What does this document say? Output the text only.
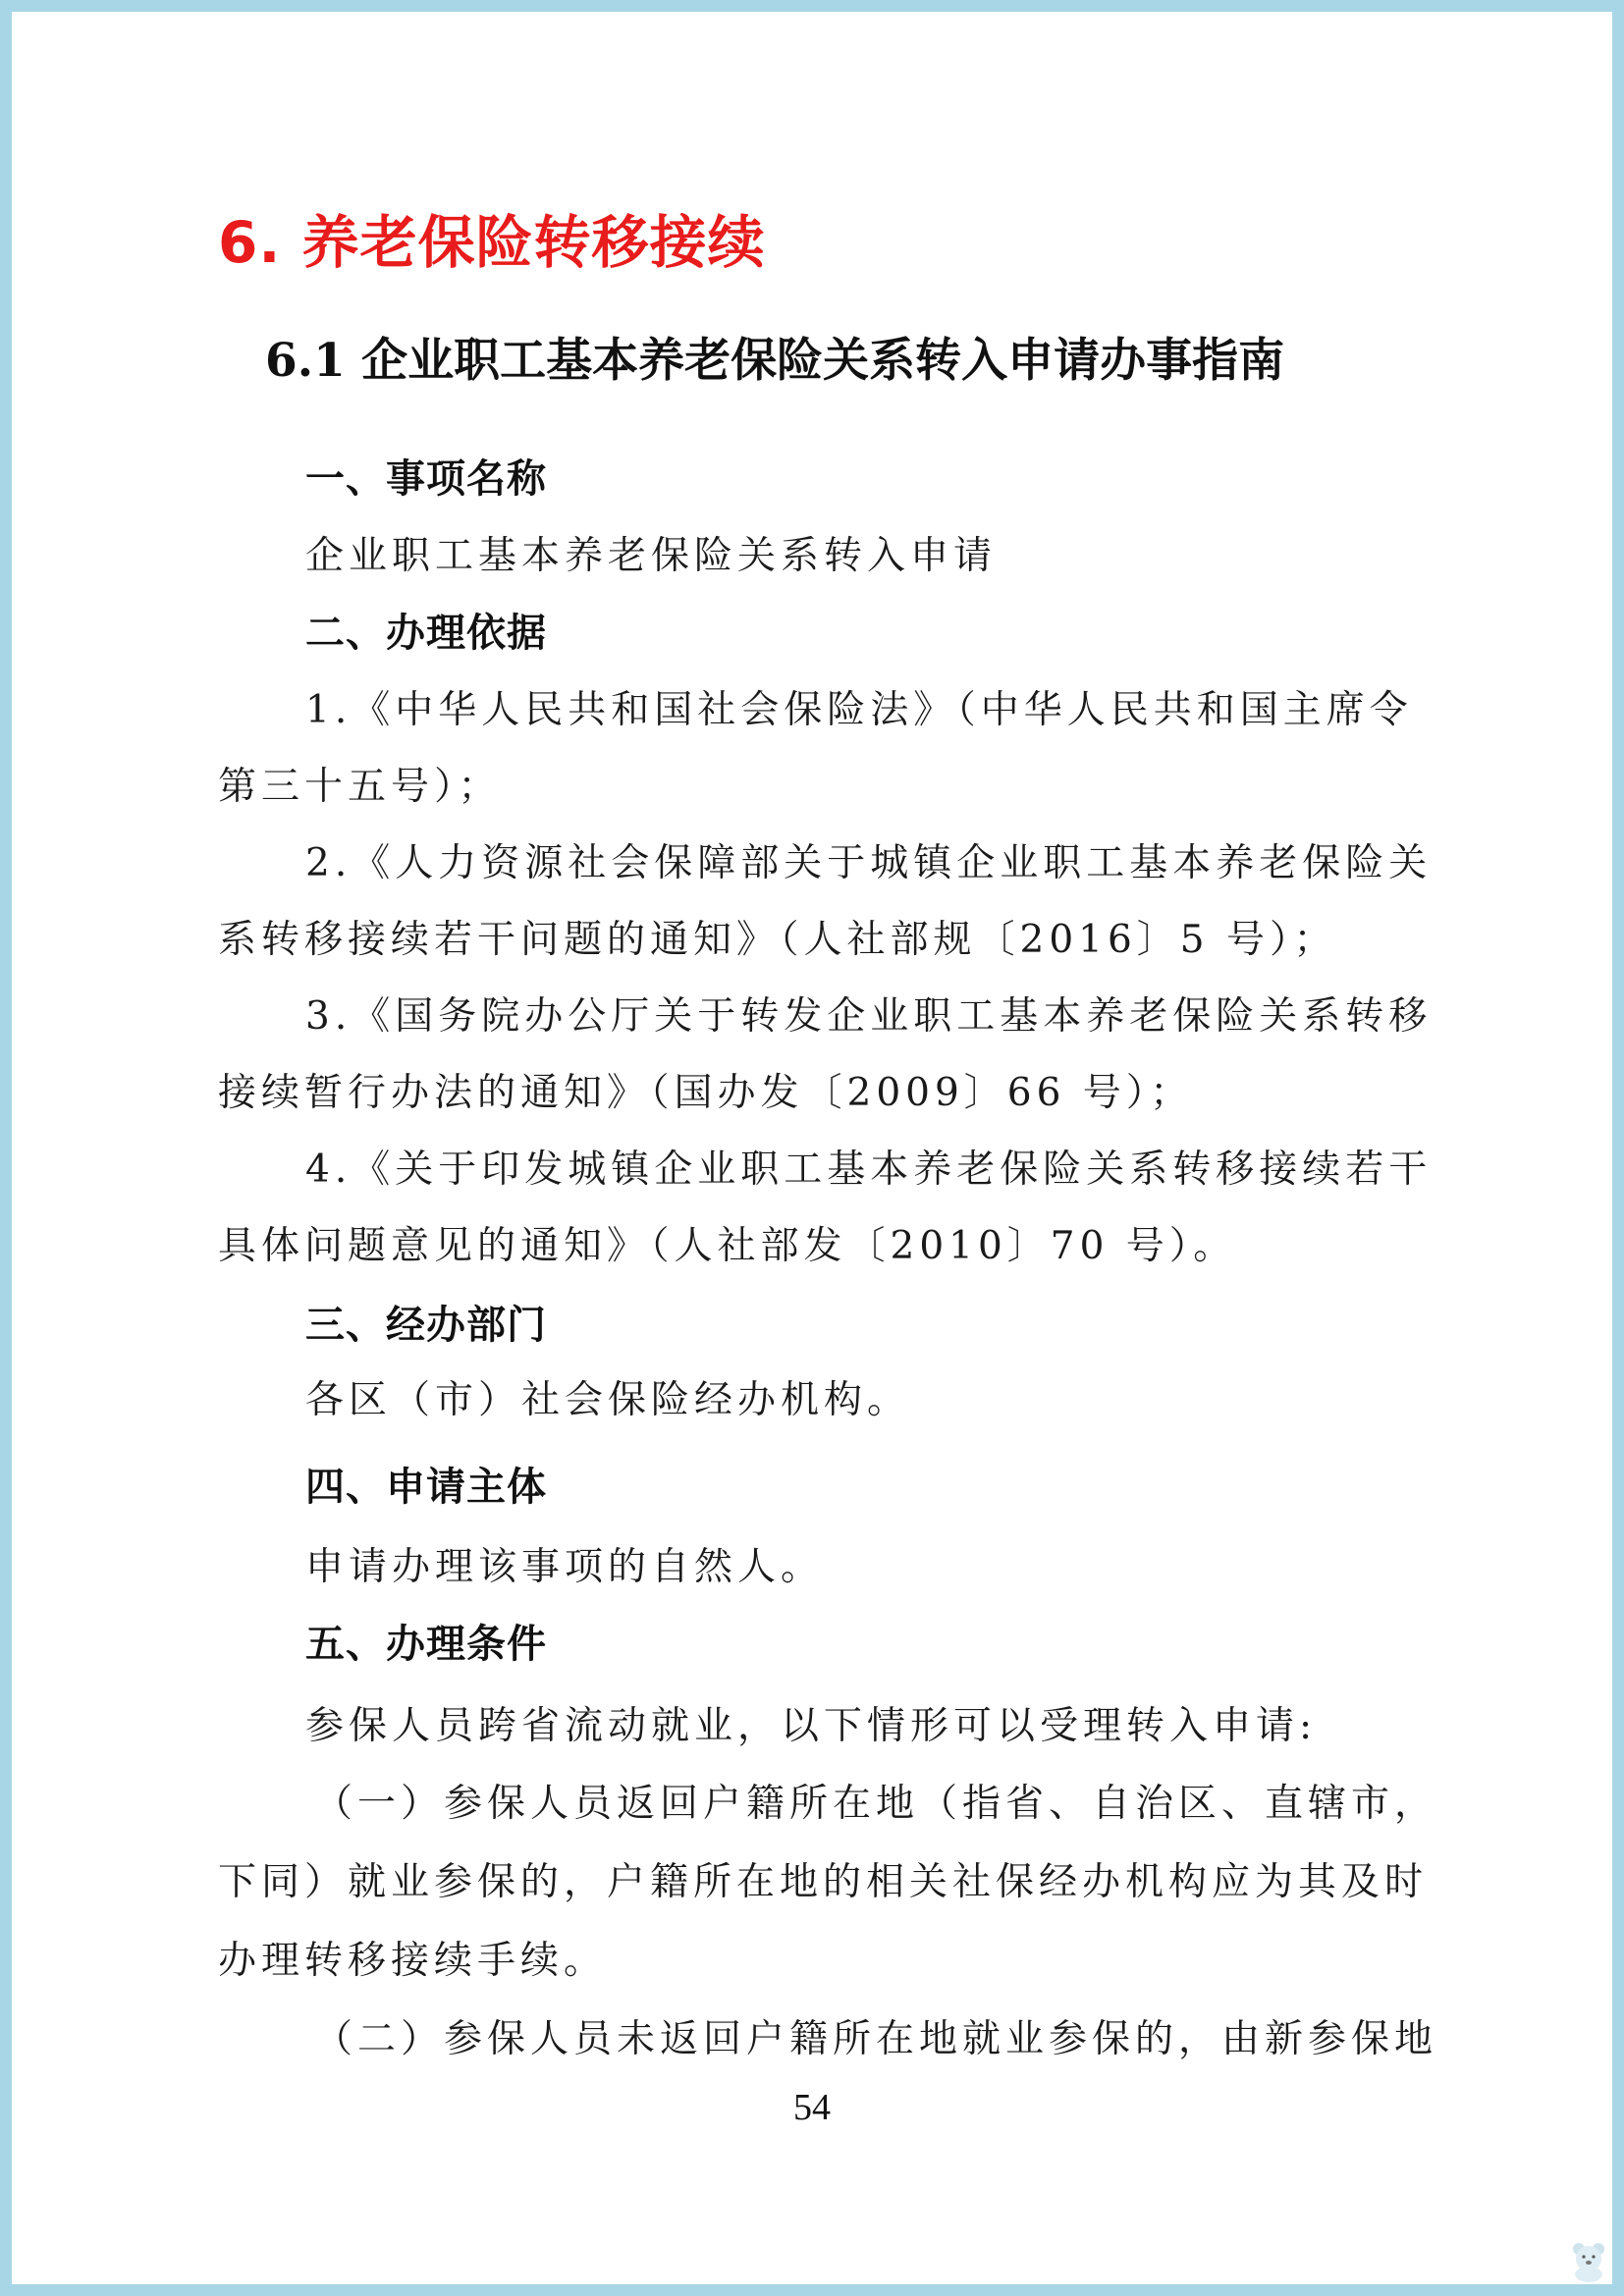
6. 养老保险转移接续
6.1 企业职工基本养老保险关系转入申请办事指南
一、事项名称
企业职工基本养老保险关系转入申请
二、办理依据
1.《中华人民共和国社会保险法》（中华人民共和国主席令
第三十五号）；
2.《人力资源社会保障部关于城镇企业职工基本养老保险关
系转移接续若干问题的通知》（人社部规〔2016〕5 号）；
3.《国务院办公厅关于转发企业职工基本养老保险关系转移
接续暂行办法的通知》（国办发〔2009〕66 号）；
4.《关于印发城镇企业职工基本养老保险关系转移接续若干
具体问题意见的通知》（人社部发〔2010〕70 号）。
三、经办部门
各区（市）社会保险经办机构。
四、申请主体
申请办理该事项的自然人。
五、办理条件
参保人员跨省流动就业，以下情形可以受理转入申请:
（一）参保人员返回户籍所在地（指省、自治区、直辖市，
下同）就业参保的，户籍所在地的相关社保经办机构应为其及时
办理转移接续手续。
（二）参保人员未返回户籍所在地就业参保的，由新参保地
54
